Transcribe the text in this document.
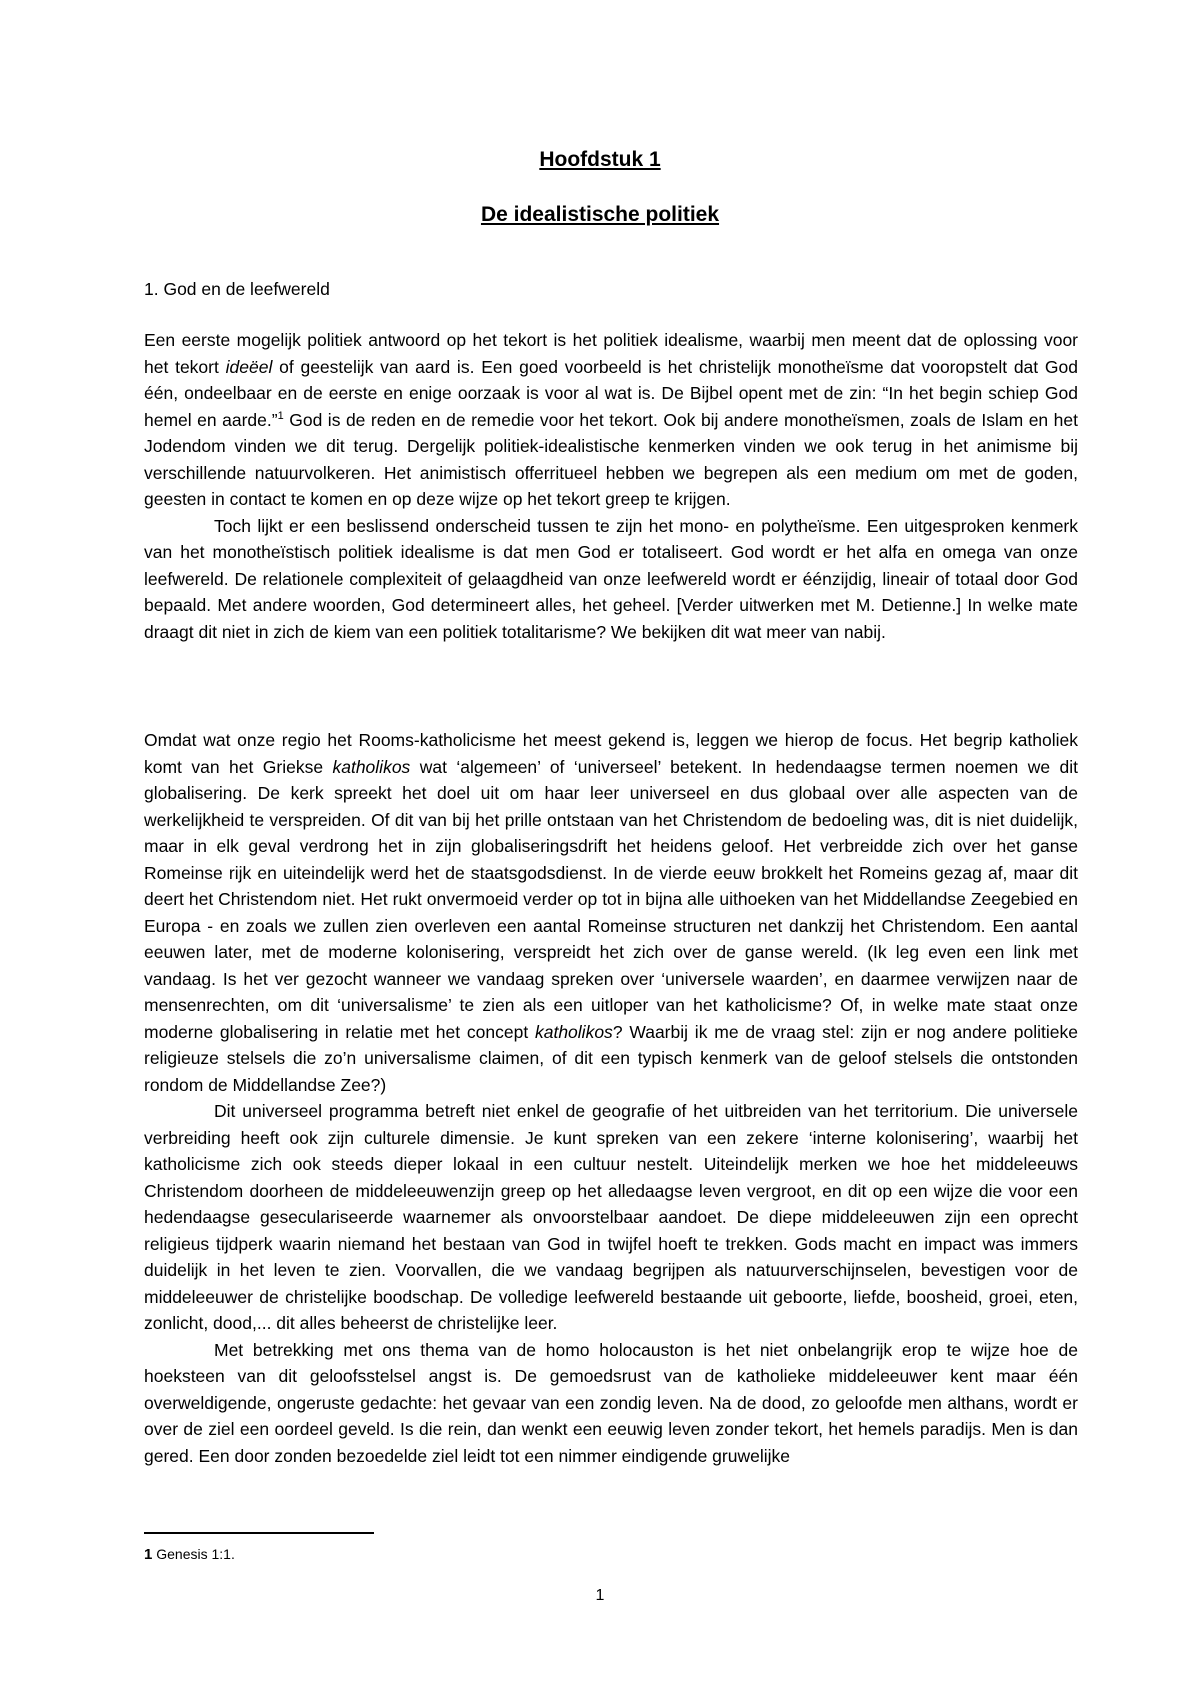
Hoofdstuk 1
De idealistische politiek

1. God en de leefwereld

Een eerste mogelijk politiek antwoord op het tekort is het politiek idealisme, waarbij men meent dat de oplossing voor het tekort ideëel of geestelijk van aard is. Een goed voorbeeld is het christelijk monotheïsme dat vooropstelt dat God één, ondeelbaar en de eerste en enige oorzaak is voor al wat is. De Bijbel opent met de zin: “In het begin schiep God hemel en aarde.”$^1$ God is de reden en de remedie voor het tekort. Ook bij andere monotheïsmen, zoals de Islam en het Jodendom vinden we dit terug. Dergelijk politiek-idealistische kenmerken vinden we ook terug in het animisme bij verschillende natuurvolkeren. Het animistisch offerritueel hebben we begrepen als een medium om met de goden, geesten in contact te komen en op deze wijze op het tekort greep te krijgen.

Toch lijkt er een beslissend onderscheid tussen te zijn het mono- en polytheïsme. Een uitgesproken kenmerk van het monotheïstisch politiek idealisme is dat men God er totaliseert. God wordt er het alfa en omega van onze leefwereld. De relationele complexiteit of gelaagdheid van onze leefwereld wordt er éénzijdig, lineair of totaal door God bepaald. Met andere woorden, God determineert alles, het geheel. [Verder uitwerken met M. Detienne.] In welke mate draagt dit niet in zich de kiem van een politiek totalitarisme? We bekijken dit wat meer van nabij.

Omdat wat onze regio het Rooms-katholicisme het meest gekend is, leggen we hierop de focus. Het begrip katholiek komt van het Griekse katholikos wat ‘algemeen’ of ‘universeel’ betekent. In hedendaagse termen noemen we dit globalisering. De kerk spreekt het doel uit om haar leer universeel en dus globaal over alle aspecten van de werkelijkheid te verspreiden. Of dit van bij het prille ontstaan van het Christendom de bedoeling was, dit is niet duidelijk, maar in elk geval verdrong het in zijn globaliseringsdrift het heidens geloof. Het verbreidde zich over het ganse Romeinse rijk en uiteindelijk werd het de staatsgodsdienst. In de vierde eeuw brokkelt het Romeins gezag af, maar dit deert het Christendom niet. Het rukt onvermoeid verder op tot in bijna alle uithoeken van het Middellandse Zeegebied en Europa - en zoals we zullen zien overleven een aantal Romeinse structuren net dankzij het Christendom. Een aantal eeuwen later, met de moderne kolonisering, verspreidt het zich over de ganse wereld. (Ik leg even een link met vandaag. Is het ver gezocht wanneer we vandaag spreken over ‘universele waarden’, en daarmee verwijzen naar de mensenrechten, om dit ‘universalisme’ te zien als een uitloper van het katholicisme? Of, in welke mate staat onze moderne globalisering in relatie met het concept katholikos? Waarbij ik me de vraag stel: zijn er nog andere politieke religieuze stelsels die zo’n universalisme claimen, of dit een typisch kenmerk van de geloof stelsels die ontstonden rondom de Middellandse Zee?)

Dit universeel programma betreft niet enkel de geografie of het uitbreiden van het territorium. Die universele verbreiding heeft ook zijn culturele dimensie. Je kunt spreken van een zekere ‘interne kolonisering’, waarbij het katholicisme zich ook steeds dieper lokaal in een cultuur nestelt. Uiteindelijk merken we hoe het middeleeuws Christendom doorheen de middeleeuwenzijn greep op het alledaagse leven vergroot, en dit op een wijze die voor een hedendaagse geseculariseerde waarnemer als onvoorstelbaar aandoet. De diepe middeleeuwen zijn een oprecht religieus tijdperk waarin niemand het bestaan van God in twijfel hoeft te trekken. Gods macht en impact was immers duidelijk in het leven te zien. Voorvallen, die we vandaag begrijpen als natuurverschijnselen, bevestigen voor de middeleeuwer de christelijke boodschap. De volledige leefwereld bestaande uit geboorte, liefde, boosheid, groei, eten, zonlicht, dood,... dit alles beheerst de christelijke leer.

Met betrekking met ons thema van de homo holocauston is het niet onbelangrijk erop te wijze hoe de hoeksteen van dit geloofsstelsel angst is. De gemoedsrust van de katholieke middeleeuwer kent maar één overweldigende, ongeruste gedachte: het gevaar van een zondig leven. Na de dood, zo geloofde men althans, wordt er over de ziel een oordeel geveld. Is die rein, dan wenkt een eeuwig leven zonder tekort, het hemels paradijs. Men is dan gered. Een door zonden bezoedelde ziel leidt tot een nimmer eindigende gruwelijke

1 Genesis 1:1.

1
